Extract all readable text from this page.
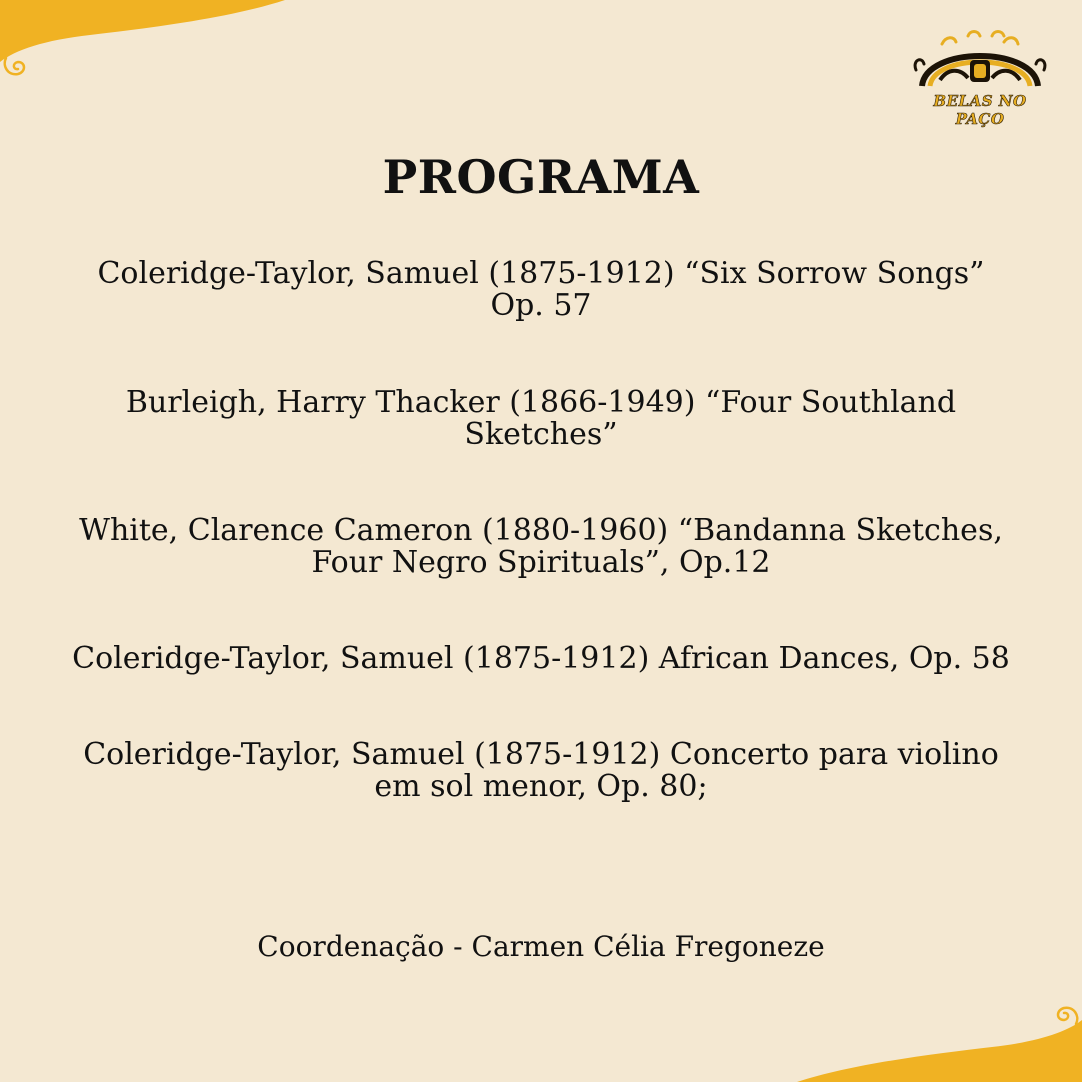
BELAS NO PAÇO
PROGRAMA

Coleridge-Taylor, Samuel (1875-1912) “Six Sorrow Songs”
Op. 57

Burleigh, Harry Thacker (1866-1949) “Four Southland
Sketches”

White, Clarence Cameron (1880-1960) “Bandanna Sketches,
Four Negro Spirituals”, Op.12

Coleridge-Taylor, Samuel (1875-1912) African Dances, Op. 58

Coleridge-Taylor, Samuel (1875-1912) Concerto para violino
em sol menor, Op. 80;

Coordenação - Carmen Célia Fregoneze
